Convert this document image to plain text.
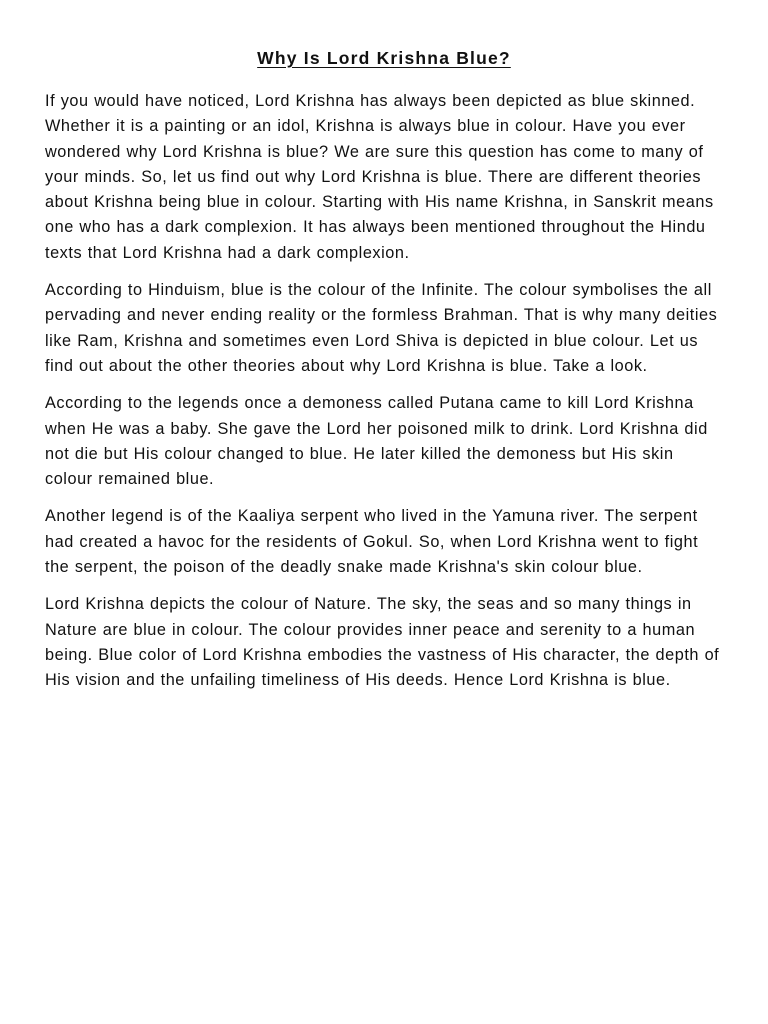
Why Is Lord Krishna Blue?

If you would have noticed, Lord Krishna has always been depicted as blue skinned. Whether it is a painting or an idol, Krishna is always blue in colour. Have you ever wondered why Lord Krishna is blue? We are sure this question has come to many of your minds. So, let us find out why Lord Krishna is blue. There are different theories about Krishna being blue in colour. Starting with His name Krishna, in Sanskrit means one who has a dark complexion. It has always been mentioned throughout the Hindu texts that Lord Krishna had a dark complexion.

According to Hinduism, blue is the colour of the Infinite. The colour symbolises the all pervading and never ending reality or the formless Brahman. That is why many deities like Ram, Krishna and sometimes even Lord Shiva is depicted in blue colour. Let us find out about the other theories about why Lord Krishna is blue. Take a look.

According to the legends once a demoness called Putana came to kill Lord Krishna when He was a baby. She gave the Lord her poisoned milk to drink. Lord Krishna did not die but His colour changed to blue. He later killed the demoness but His skin colour remained blue.

Another legend is of the Kaaliya serpent who lived in the Yamuna river. The serpent had created a havoc for the residents of Gokul. So, when Lord Krishna went to fight the serpent, the poison of the deadly snake made Krishna's skin colour blue.

Lord Krishna depicts the colour of Nature. The sky, the seas and so many things in Nature are blue in colour. The colour provides inner peace and serenity to a human being. Blue color of Lord Krishna embodies the vastness of His character, the depth of His vision and the unfailing timeliness of His deeds. Hence Lord Krishna is blue.
